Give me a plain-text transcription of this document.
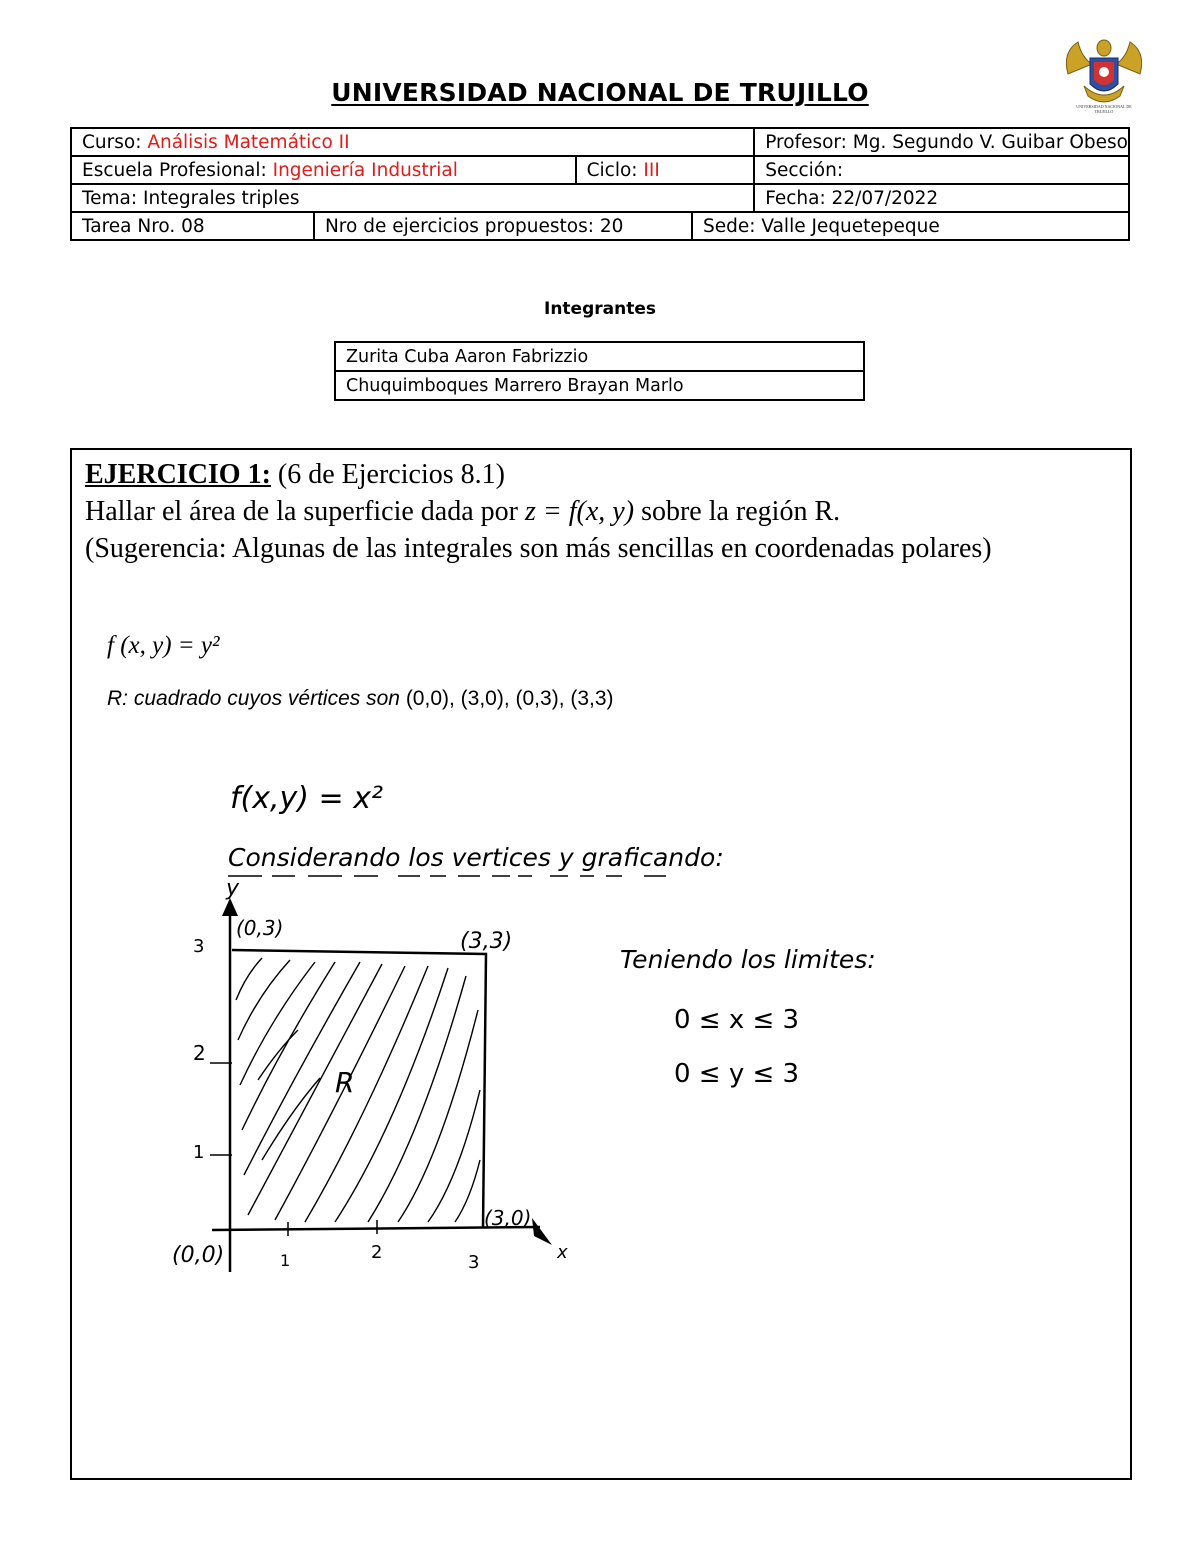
UNIVERSIDAD NACIONAL DE TRUJILLO	UNIVERSIDAD NACIONAL DE TRUJILLO
Curso: Análisis Matemático II				Profesor: Mg. Segundo V. Guibar Obeso
Escuela Profesional: Ingeniería Industrial		Ciclo: III		Sección:
Tema: Integrales triples				Fecha: 22/07/2022
Tarea Nro. 08	Nro de ejercicios propuestos: 20		Sede: Valle Jequetepeque	
Integrantes
Zurita Cuba Aaron Fabrizzio
Chuquimboques Marrero Brayan Marlo
EJERCICIO 1: (6 de Ejercicios 8.1)
Hallar el área de la superficie dada por z = f(x, y) sobre la región R.
(Sugerencia: Algunas de las integrales son más sencillas en coordenadas polares)
f (x, y) = y²
R: cuadrado cuyos vértices son (0,0), (3,0), (0,3), (3,3)
f(x,y) = x²
Considerando los vertices y graficando:
y
x
R
(0,3)
(3,3)
(3,0)
(0,0)
3
2
1
1	2	3
Teniendo los limites:
0 ≤ x ≤ 3
0 ≤ y ≤ 3
